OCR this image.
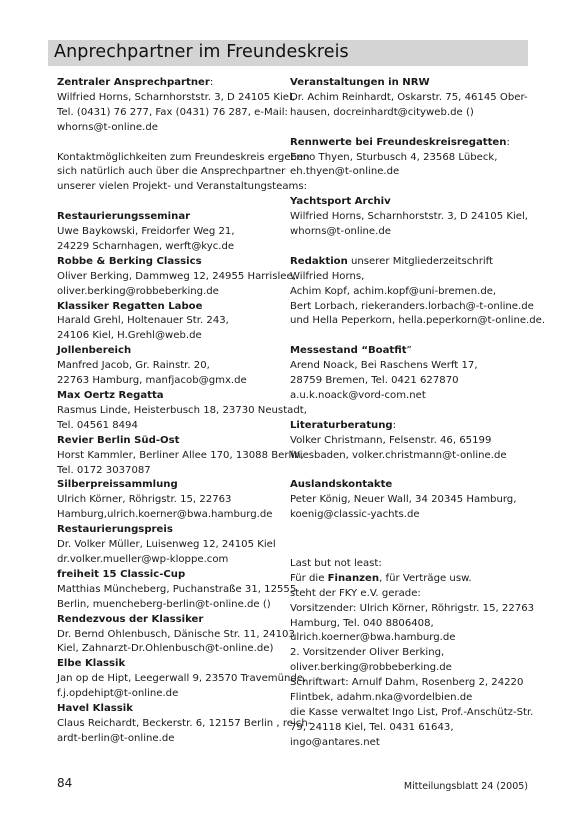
Anprechpartner im Freundeskreis
Zentraler Ansprechpartner:
Wilfried Horns, Scharnhorststr. 3, D 24105 Kiel,
Tel. (0431) 76 277, Fax (0431) 76 287, e-Mail:
whorns@t-online.de
Kontaktmöglichkeiten zum Freundeskreis ergeben
sich natürlich auch über die Ansprechpartner
unserer vielen Projekt- und Veranstaltungsteams:
Restaurierungsseminar
Uwe Baykowski, Freidorfer Weg 21,
24229 Scharnhagen, werft@kyc.de
Robbe & Berking Classics
Oliver Berking, Dammweg 12, 24955 Harrislee,
oliver.berking@robbeberking.de
Klassiker Regatten Laboe
Harald Grehl, Holtenauer Str. 243,
24106 Kiel, H.Grehl@web.de
Jollenbereich
Manfred Jacob, Gr. Rainstr. 20,
22763 Hamburg, manfjacob@gmx.de
Max Oertz Regatta
Rasmus Linde, Heisterbusch 18, 23730 Neustadt,
Tel. 04561 8494
Revier Berlin Süd-Ost
Horst Kammler, Berliner Allee 170, 13088 Berlin,
Tel. 0172 3037087
Silberpreissammlung
Ulrich Körner, Röhrigstr. 15, 22763
Hamburg,ulrich.koerner@bwa.hamburg.de
Restaurierungspreis
Dr. Volker Müller, Luisenweg 12, 24105 Kiel
dr.volker.mueller@wp-kloppe.com
freiheit 15 Classic-Cup
Matthias Müncheberg, Puchanstraße 31, 12555
Berlin, muencheberg-berlin@t-online.de ()
Rendezvous der Klassiker
Dr. Bernd Ohlenbusch, Dänische Str. 11, 24103
Kiel, Zahnarzt-Dr.Ohlenbusch@t-online.de)
Elbe Klassik
Jan op de Hipt, Leegerwall 9, 23570 Travemünde,
f.j.opdehipt@t-online.de
Havel Klassik
Claus Reichardt, Beckerstr. 6, 12157 Berlin , reich-
ardt-berlin@t-online.de
Veranstaltungen in NRW
Dr. Achim Reinhardt, Oskarstr. 75, 46145 Ober-
hausen, docreinhardt@cityweb.de ()
Rennwerte bei Freundeskreisregatten:
Enno Thyen, Sturbusch 4, 23568 Lübeck,
eh.thyen@t-online.de
Yachtsport Archiv
Wilfried Horns, Scharnhorststr. 3, D 24105 Kiel,
whorns@t-online.de
Redaktion unserer Mitgliederzeitschrift
Wilfried Horns,
Achim Kopf, achim.kopf@uni-bremen.de,
Bert Lorbach, riekeranders.lorbach@-t-online.de
und Hella Peperkorn, hella.peperkorn@t-online.de.
Messestand “Boatfit”
Arend Noack, Bei Raschens Werft 17,
28759 Bremen, Tel. 0421 627870
a.u.k.noack@vord-com.net
Literaturberatung:
Volker Christmann, Felsenstr. 46, 65199
Wiesbaden, volker.christmann@t-online.de
Auslandskontakte
Peter König, Neuer Wall, 34 20345 Hamburg,
koenig@classic-yachts.de
Last but not least:
Für die Finanzen, für Verträge usw.
steht der FKY e.V. gerade:
Vorsitzender: Ulrich Körner, Röhrigstr. 15, 22763
Hamburg, Tel. 040 8806408,
ulrich.koerner@bwa.hamburg.de
2. Vorsitzender Oliver Berking,
oliver.berking@robbeberking.de
Schriftwart: Arnulf Dahm, Rosenberg 2, 24220
Flintbek, adahm.nka@vordelbien.de
die Kasse verwaltet Ingo List, Prof.-Anschütz-Str.
79, 24118 Kiel, Tel. 0431 61643,
ingo@antares.net
84	Mitteilungsblatt 24 (2005)
